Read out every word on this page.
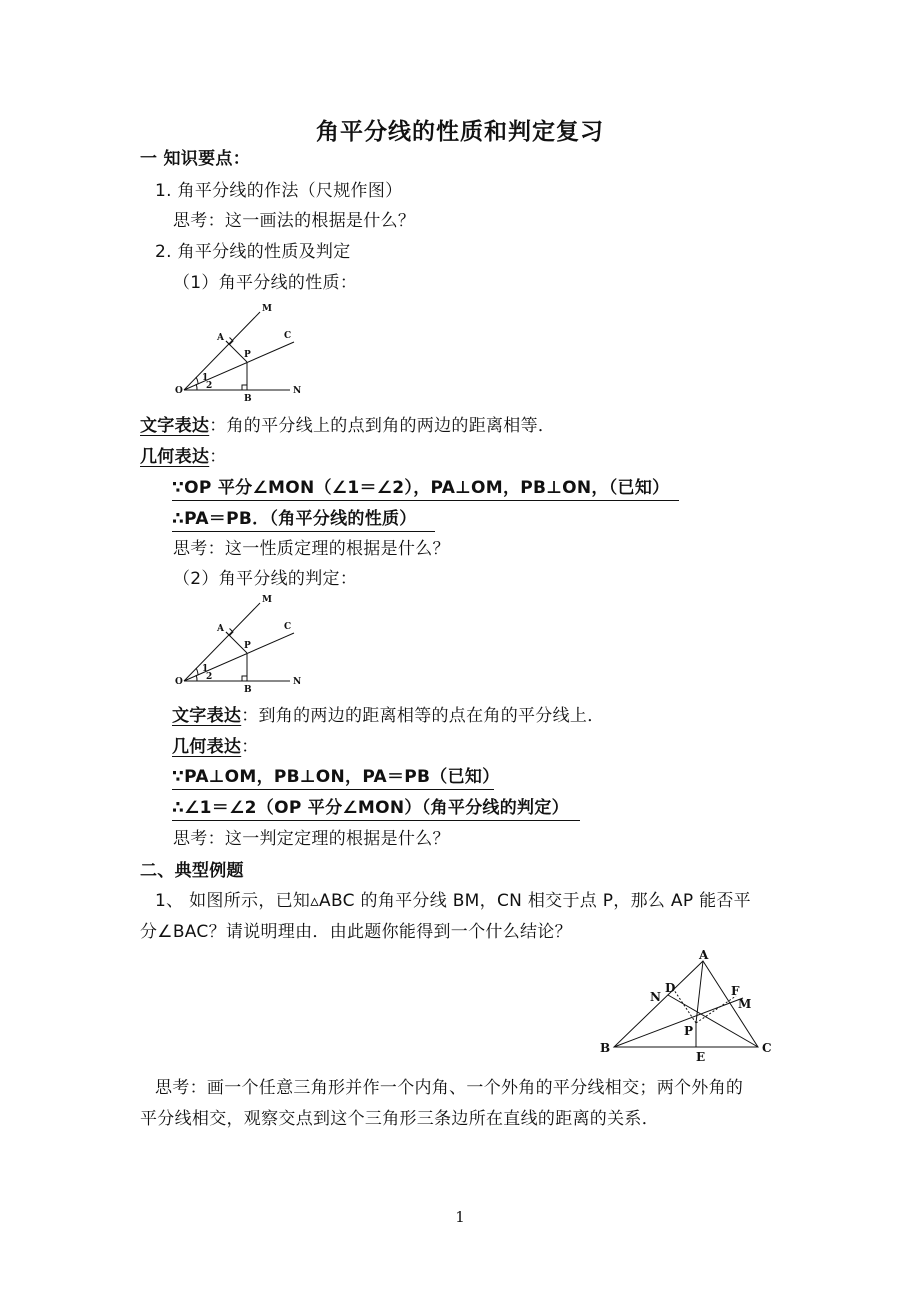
角平分线的性质和判定复习
一 知识要点：
1. 角平分线的作法（尺规作图）
思考：这一画法的根据是什么？
2. 角平分线的性质及判定
（1）角平分线的性质：
M
A	C
P
O
1
2
B
N
文字表达：角的平分线上的点到角的两边的距离相等．
几何表达：
∵OP 平分∠MON（∠1＝∠2），PA⊥OM，PB⊥ON，（已知）
∴PA＝PB．（角平分线的性质）
思考：这一性质定理的根据是什么？
（2）角平分线的判定：
M
A	C
P
O
1
2
B
N
文字表达：到角的两边的距离相等的点在角的平分线上．
几何表达：
∵PA⊥OM，PB⊥ON，PA＝PB（已知）
∴∠1＝∠2（OP 平分∠MON）（角平分线的判定）
思考：这一判定定理的根据是什么？
二、典型例题
1、 如图所示，已知▵ABC 的角平分线 BM，CN 相交于点 P，那么 AP 能否平
分∠BAC？请说明理由．由此题你能得到一个什么结论？
A
D
N	F
M
P
B
E
C
思考：画一个任意三角形并作一个内角、一个外角的平分线相交；两个外角的
平分线相交，观察交点到这个三角形三条边所在直线的距离的关系．
1
